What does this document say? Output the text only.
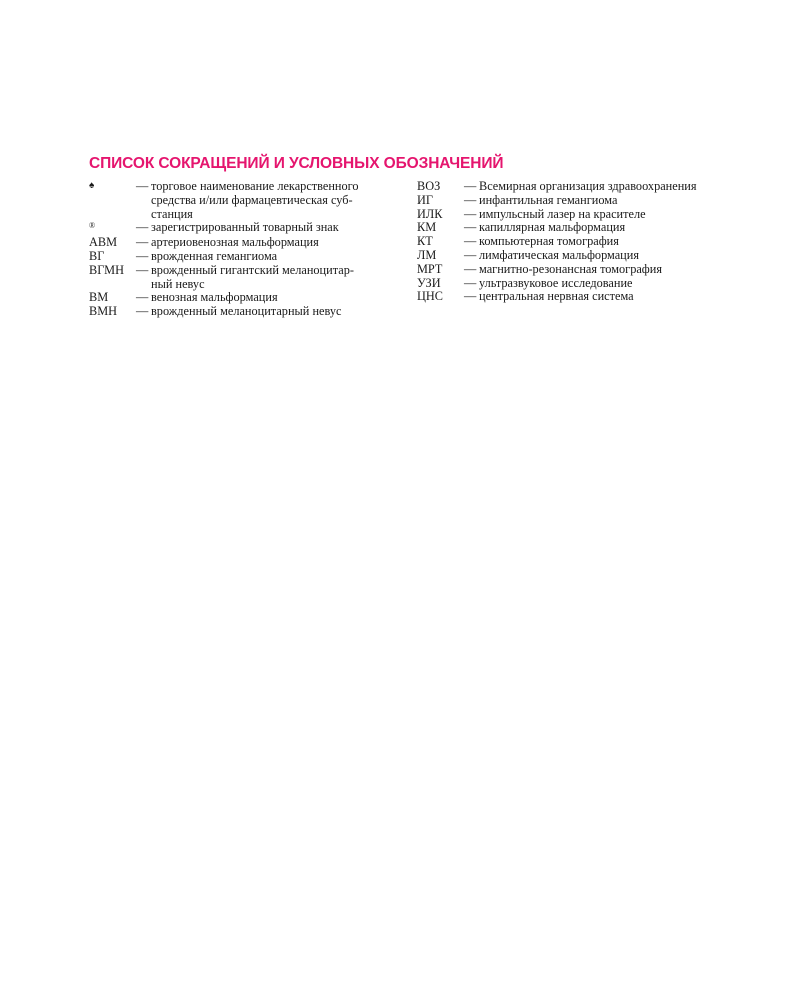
СПИСОК СОКРАЩЕНИЙ И УСЛОВНЫХ ОБОЗНАЧЕНИЙ
♠	— торговое наименование лекарственного
средства и/или фармацевтическая суб-
станция
®	— зарегистрированный товарный знак
АВМ	— артериовенозная мальформация
ВГ	— врожденная гемангиома
ВГМН — врожденный гигантский меланоцитар-
ный невус
ВМ	— венозная мальформация
ВМН	— врожденный меланоцитарный невус
ВОЗ	— Всемирная организация здравоохранения
ИГ	— инфантильная гемангиома
ИЛК	— импульсный лазер на красителе
КМ	— капиллярная мальформация
КТ	— компьютерная томография
ЛМ	— лимфатическая мальформация
МРТ	— магнитно-резонансная томография
УЗИ	— ультразвуковое исследование
ЦНС	— центральная нервная система
